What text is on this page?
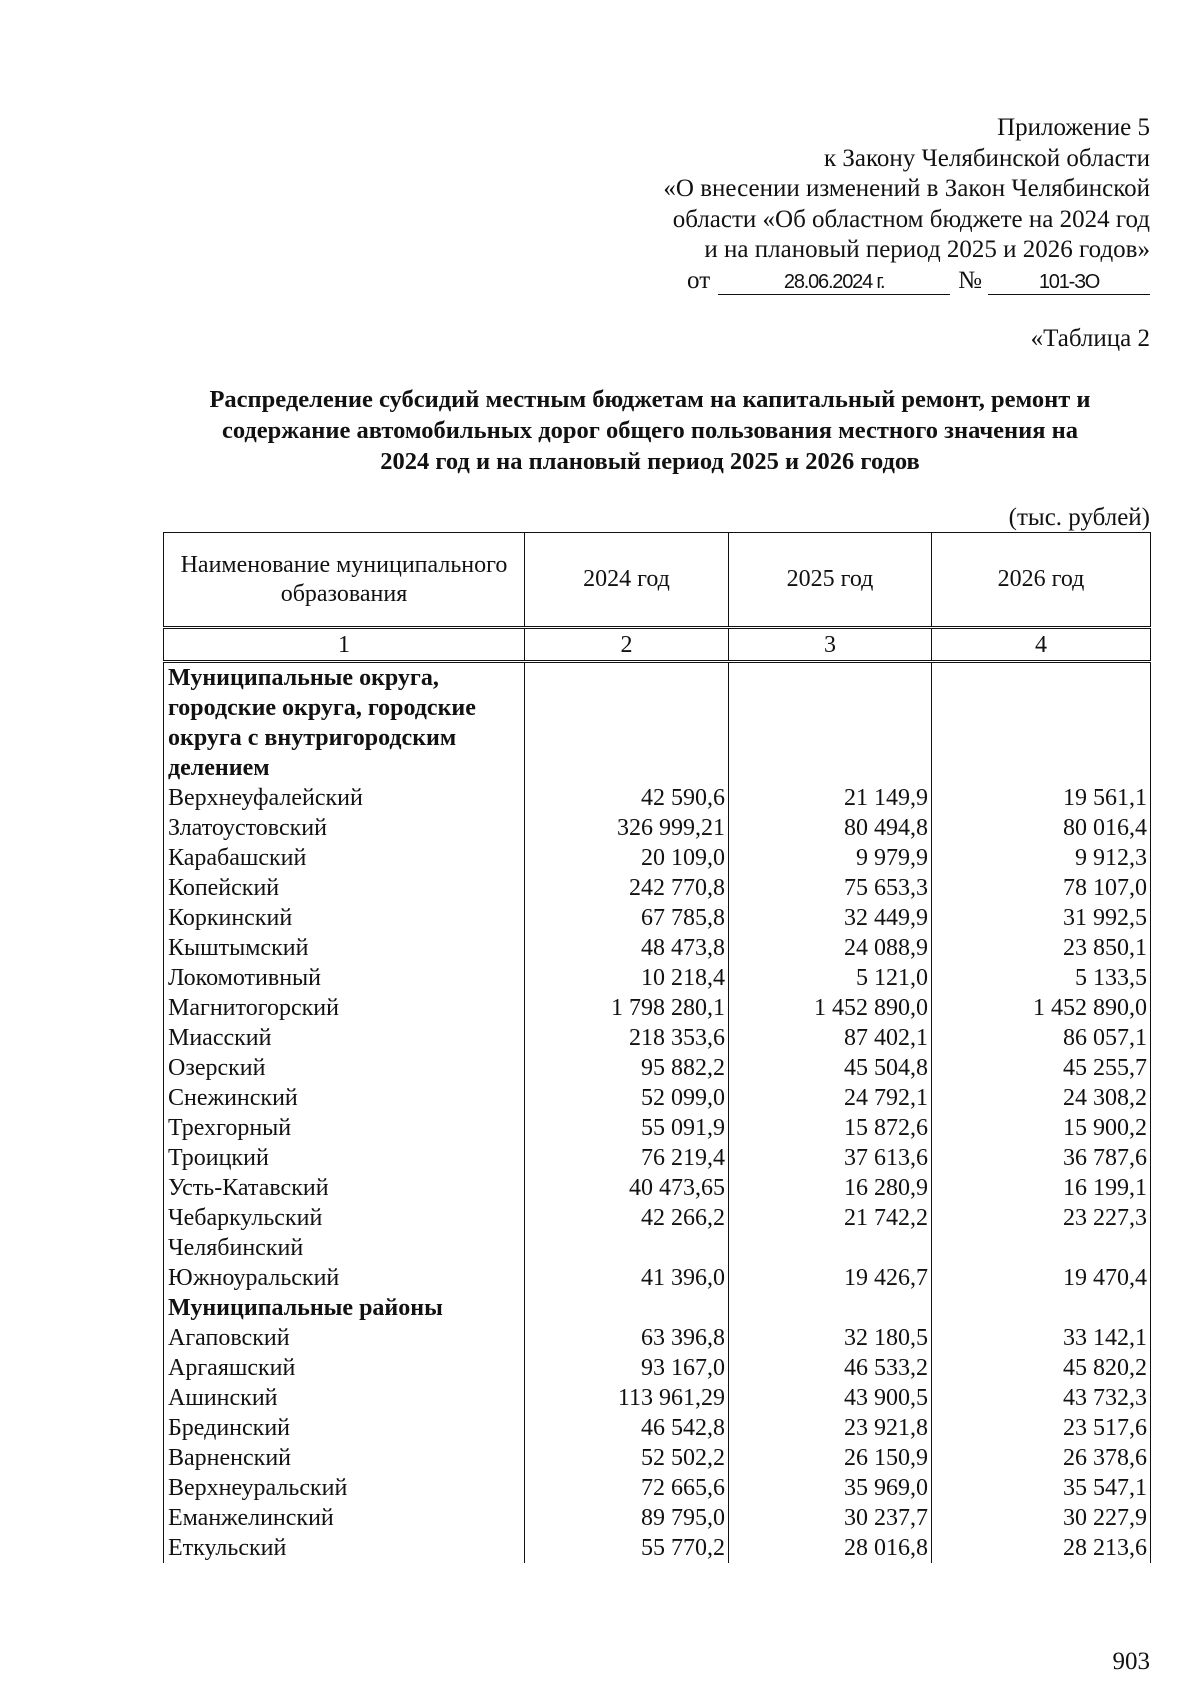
Приложение 5
к Закону Челябинской области
«О внесении изменений в Закон Челябинской
области «Об областном бюджете на 2024 год
и на плановый период 2025 и 2026 годов»
от	28.06.2024 г.	№	101-ЗО
«Таблица 2
Распределение субсидий местным бюджетам на капитальный ремонт, ремонт и
содержание автомобильных дорог общего пользования местного значения на
2024 год и на плановый период 2025 и 2026 годов
(тыс. рублей)
Наименование муниципального образования	2024 год	2025 год	2026 год
1	2	3	4
Муниципальные округа, городские округа, городские округа с внутригородским делением			
Верхнеуфалейский	42 590,6	21 149,9	19 561,1
Златоустовский	326 999,21	80 494,8	80 016,4
Карабашский	20 109,0	9 979,9	9 912,3
Копейский	242 770,8	75 653,3	78 107,0
Коркинский	67 785,8	32 449,9	31 992,5
Кыштымский	48 473,8	24 088,9	23 850,1
Локомотивный	10 218,4	5 121,0	5 133,5
Магнитогорский	1 798 280,1	1 452 890,0	1 452 890,0
Миасский	218 353,6	87 402,1	86 057,1
Озерский	95 882,2	45 504,8	45 255,7
Снежинский	52 099,0	24 792,1	24 308,2
Трехгорный	55 091,9	15 872,6	15 900,2
Троицкий	76 219,4	37 613,6	36 787,6
Усть-Катавский	40 473,65	16 280,9	16 199,1
Чебаркульский	42 266,2	21 742,2	23 227,3
Челябинский			
Южноуральский	41 396,0	19 426,7	19 470,4
Муниципальные районы			
Агаповский	63 396,8	32 180,5	33 142,1
Аргаяшский	93 167,0	46 533,2	45 820,2
Ашинский	113 961,29	43 900,5	43 732,3
Брединский	46 542,8	23 921,8	23 517,6
Варненский	52 502,2	26 150,9	26 378,6
Верхнеуральский	72 665,6	35 969,0	35 547,1
Еманжелинский	89 795,0	30 237,7	30 227,9
Еткульский	55 770,2	28 016,8	28 213,6
903
